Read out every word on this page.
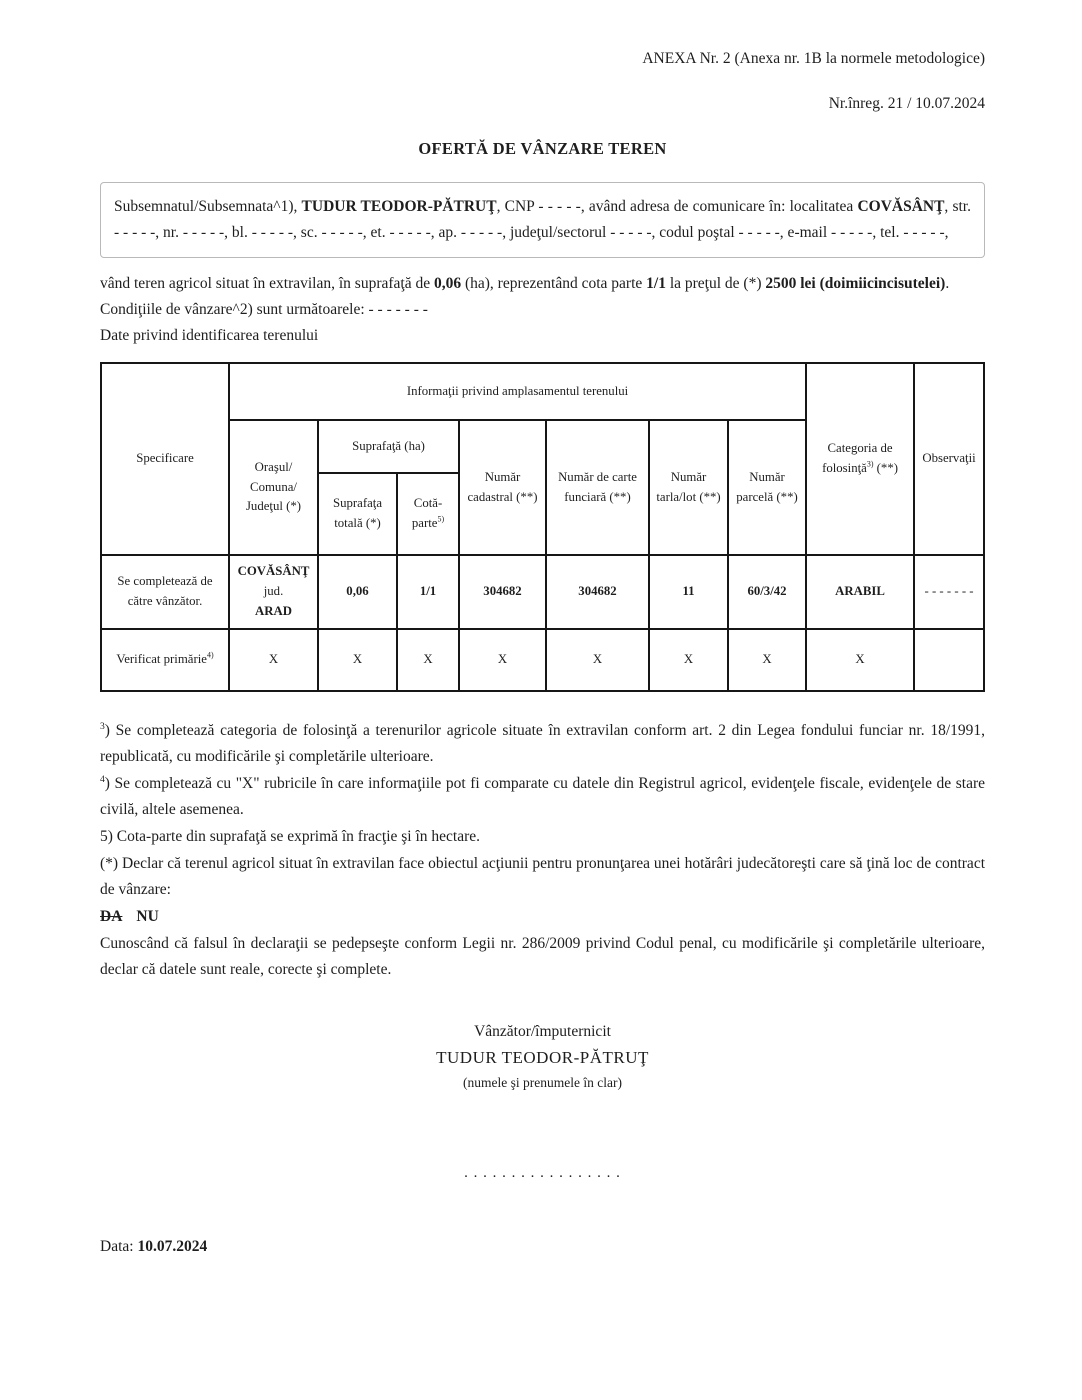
ANEXA Nr. 2 (Anexa nr. 1B la normele metodologice)
Nr.înreg. 21 / 10.07.2024
OFERTĂ DE VÂNZARE TEREN
Subsemnatul/Subsemnata^1), TUDUR TEODOR-PĂTRUŢ, CNP - - - - -, având adresa de comunicare în: localitatea COVĂSÂNŢ, str. - - - - -, nr. - - - - -, bl. - - - - -, sc. - - - - -, et. - - - - -, ap. - - - - -, judeţul/sectorul - - - - -, codul poştal - - - - -, e-mail - - - - -, tel. - - - - -,

vând teren agricol situat în extravilan, în suprafaţă de 0,06 (ha), reprezentând cota parte 1/1 la preţul de (*) 2500 lei (doimiicincisutelei).

Condiţiile de vânzare^2) sunt următoarele: - - - - - - -

Date privind identificarea terenului

Specificare	Informaţii privind amplasamentul terenului							Categoria de folosinţă$^{3)}$ (**)	Observaţii
	Oraşul/ Comuna/ Judeţul (*)	Suprafaţă (ha)		Număr cadastral (**)	Număr de carte funciară (**)	Număr tarla/lot (**)	Număr parcelă (**)		
		Suprafaţa totală (*)	Cotă-parte$^{5)}$
Se completează de către vânzător.	COVĂSÂNŢ
jud.
ARAD	0,06	1/1	304682	304682	11	60/3/42	ARABIL	- - - - - - -
Verificat primărie$^{4)}$	X	X	X	X	X	X	X	X	

$^3$) Se completează categoria de folosinţă a terenurilor agricole situate în extravilan conform art. 2 din Legea fondului funciar nr. 18/1991, republicată, cu modificările şi completările ulterioare.

$^4$) Se completează cu "X" rubricile în care informaţiile pot fi comparate cu datele din Registrul agricol, evidenţele fiscale, evidenţele de stare civilă, altele asemenea.

5) Cota-parte din suprafaţă se exprimă în fracţie şi în hectare.

(*) Declar că terenul agricol situat în extravilan face obiectul acţiunii pentru pronunţarea unei hotărâri judecătoreşti care să ţină loc de contract de vânzare:

DA NU

Cunoscând că falsul în declaraţii se pedepseşte conform Legii nr. 286/2009 privind Codul penal, cu modificările şi completările ulterioare, declar că datele sunt reale, corecte şi complete.

Vânzător/împuternicit
TUDUR TEODOR-PĂTRUŢ
(numele şi prenumele în clar)
. . . . . . . . . . . . . . . . .
Data: 10.07.2024
